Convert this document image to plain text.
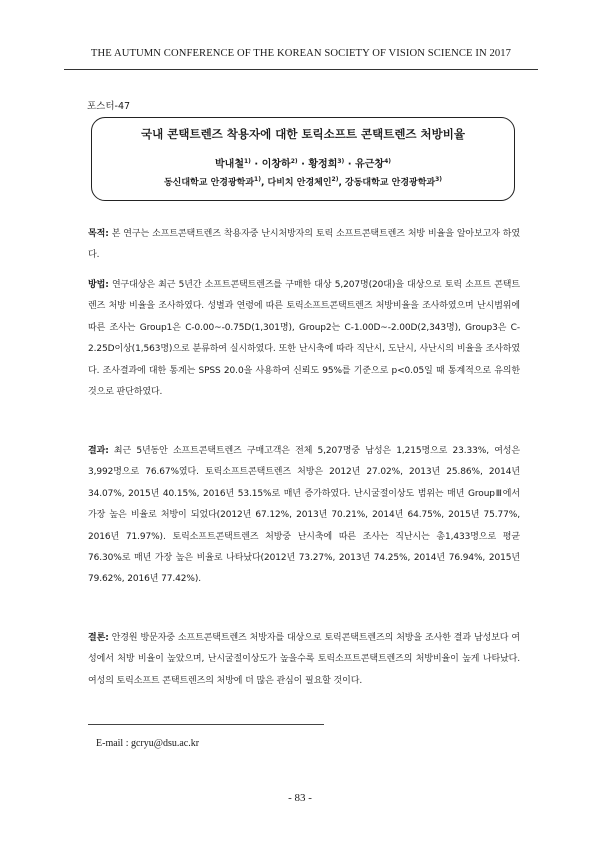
THE AUTUMN CONFERENCE OF THE KOREAN SOCIETY OF VISION SCIENCE IN 2017
포스터-47
국내 콘택트렌즈 착용자에 대한 토릭소프트 콘택트렌즈 처방비율
박내철$^{1)}$ · 이창하$^{2)}$ · 황정희$^{3)}$ · 유근창$^{4)}$
동신대학교 안경광학과$^{1)}$, 다비치 안경체인$^{2)}$, 강동대학교 안경광학과$^{3)}$
목적: 본 연구는 소프트콘택트렌즈 착용자중 난시처방자의 토릭 소프트콘택트렌즈 처방 비율을 알아보고자 하였다.
방법: 연구대상은 최근 5년간 소프트콘택트렌즈를 구매한 대상 5,207명(20대)을 대상으로 토릭 소프트 콘택트렌즈 처방 비율을 조사하였다. 성별과 연령에 따른 토릭소프트콘택트렌즈 처방비율을 조사하였으며 난시범위에 따른 조사는 Group1은 C-0.00~-0.75D(1,301명), Group2는 C-1.00D~-2.00D(2,343명), Group3은 C-2.25D이상(1,563명)으로 분류하여 실시하였다. 또한 난시축에 따라 직난시, 도난시, 사난시의 비율을 조사하였다. 조사결과에 대한 통계는 SPSS 20.0을 사용하여 신뢰도 95%를 기준으로 p<0.05일 때 통계적으로 유의한 것으로 판단하였다.
결과: 최근 5년동안 소프트콘택트렌즈 구매고객은 전체 5,207명중 남성은 1,215명으로 23.33%, 여성은 3,992명으로 76.67%였다. 토릭소프트콘택트렌즈 처방은 2012년 27.02%, 2013년 25.86%, 2014년 34.07%, 2015년 40.15%, 2016년 53.15%로 매년 증가하였다. 난시굴절이상도 범위는 매년 GroupⅢ에서 가장 높은 비율로 처방이 되었다(2012년 67.12%, 2013년 70.21%, 2014년 64.75%, 2015년 75.77%, 2016년 71.97%). 토릭소프트콘택트렌즈 처방중 난시축에 따른 조사는 직난시는 총1,433명으로 평균 76.30%로 매년 가장 높은 비율로 나타났다(2012년 73.27%, 2013년 74.25%, 2014년 76.94%, 2015년 79.62%, 2016년 77.42%).
결론: 안경원 방문자중 소프트콘택트렌즈 처방자를 대상으로 토릭콘택트렌즈의 처방을 조사한 결과 남성보다 여성에서 처방 비율이 높았으며, 난시굴절이상도가 높을수록 토릭소프트콘택트렌즈의 처방비율이 높게 나타났다. 여성의 토릭소프트 콘택트렌즈의 처방에 더 많은 관심이 필요할 것이다.
E-mail : gcryu@dsu.ac.kr
- 83 -
